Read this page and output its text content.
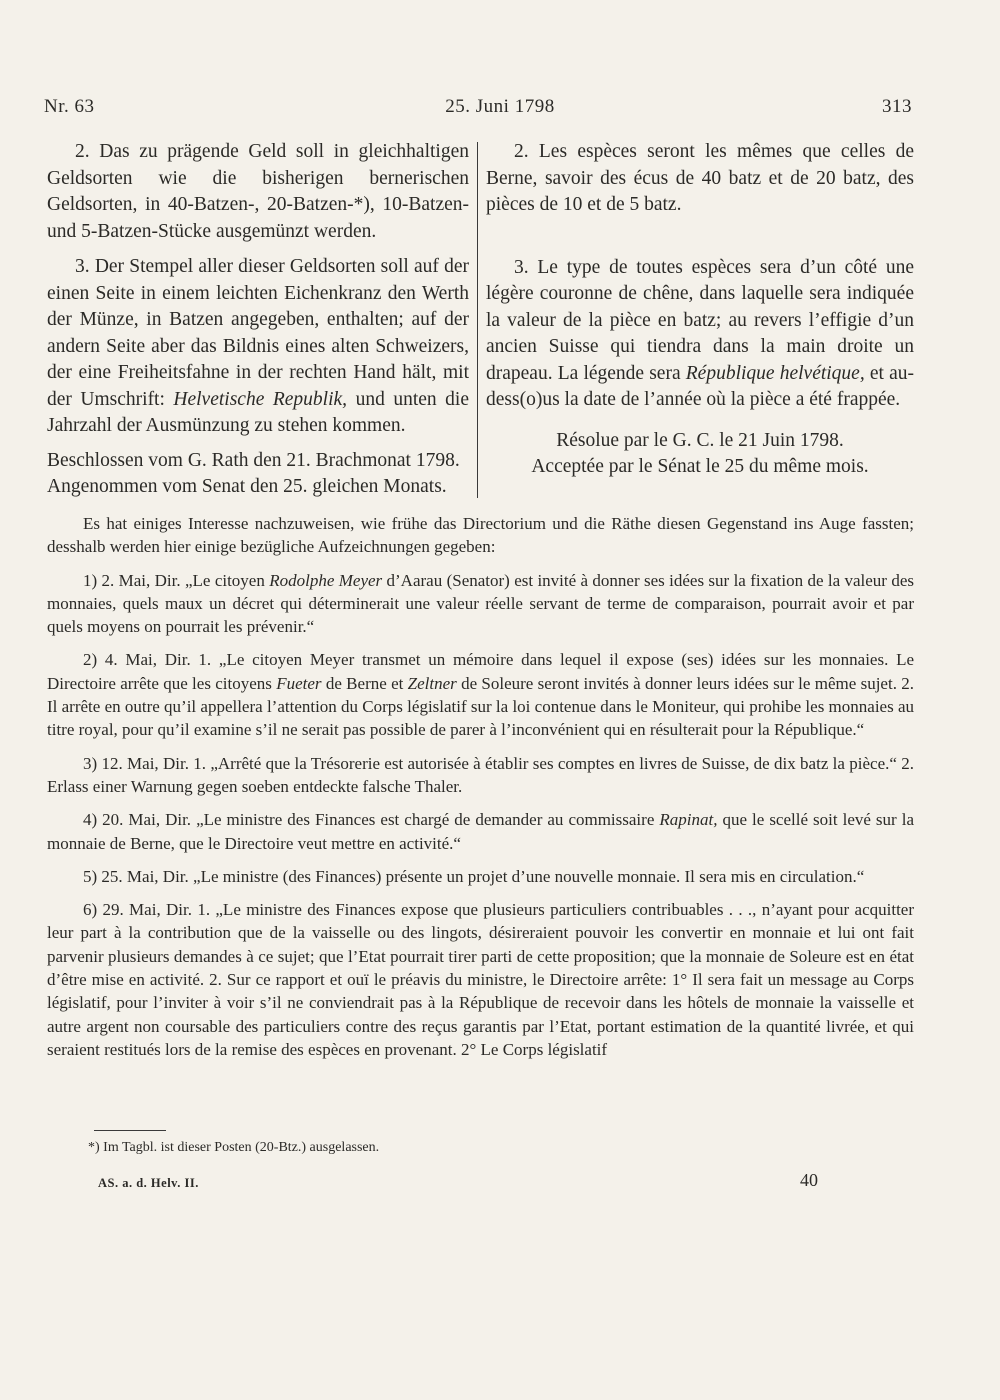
25. Juni 1798
Nr. 63	313

2. Das zu prägende Geld soll in gleichhaltigen Geldsorten wie die bisherigen bernerischen Geldsorten, in 40-Batzen-, 20-Batzen-*), 10-Batzen- und 5-Batzen-Stücke ausgemünzt werden.

3. Der Stempel aller dieser Geldsorten soll auf der einen Seite in einem leichten Eichenkranz den Werth der Münze, in Batzen angegeben, enthalten; auf der andern Seite aber das Bildnis eines alten Schweizers, der eine Freiheitsfahne in der rechten Hand hält, mit der Umschrift: Helvetische Republik, und unten die Jahrzahl der Ausmünzung zu stehen kommen.

Beschlossen vom G. Rath den 21. Brachmonat 1798.

Angenommen vom Senat den 25. gleichen Monats.

2. Les espèces seront les mêmes que celles de Berne, savoir des écus de 40 batz et de 20 batz, des pièces de 10 et de 5 batz.

3. Le type de toutes espèces sera d’un côté une légère couronne de chêne, dans laquelle sera indiquée la valeur de la pièce en batz; au revers l’effigie d’un ancien Suisse qui tiendra dans la main droite un drapeau. La légende sera République helvétique, et au-dess(o)us la date de l’année où la pièce a été frappée.

Résolue par le G. C. le 21 Juin 1798.

Acceptée par le Sénat le 25 du même mois.

Es hat einiges Interesse nachzuweisen, wie frühe das Directorium und die Räthe diesen Gegenstand ins Auge fassten; desshalb werden hier einige bezügliche Aufzeichnungen gegeben:

1) 2. Mai, Dir. „Le citoyen Rodolphe Meyer d’Aarau (Senator) est invité à donner ses idées sur la fixation de la valeur des monnaies, quels maux un décret qui déterminerait une valeur réelle servant de terme de comparaison, pourrait avoir et par quels moyens on pourrait les prévenir.“

2) 4. Mai, Dir. 1. „Le citoyen Meyer transmet un mémoire dans lequel il expose (ses) idées sur les monnaies. Le Directoire arrête que les citoyens Fueter de Berne et Zeltner de Soleure seront invités à donner leurs idées sur le même sujet. 2. Il arrête en outre qu’il appellera l’attention du Corps législatif sur la loi contenue dans le Moniteur, qui prohibe les monnaies au titre royal, pour qu’il examine s’il ne serait pas possible de parer à l’inconvénient qui en résulterait pour la République.“

3) 12. Mai, Dir. 1. „Arrêté que la Trésorerie est autorisée à établir ses comptes en livres de Suisse, de dix batz la pièce.“ 2. Erlass einer Warnung gegen soeben entdeckte falsche Thaler.

4) 20. Mai, Dir. „Le ministre des Finances est chargé de demander au commissaire Rapinat, que le scellé soit levé sur la monnaie de Berne, que le Directoire veut mettre en activité.“

5) 25. Mai, Dir. „Le ministre (des Finances) présente un projet d’une nouvelle monnaie. Il sera mis en circulation.“

6) 29. Mai, Dir. 1. „Le ministre des Finances expose que plusieurs particuliers contribuables . . ., n’ayant pour acquitter leur part à la contribution que de la vaisselle ou des lingots, désireraient pouvoir les convertir en monnaie et lui ont fait parvenir plusieurs demandes à ce sujet; que l’Etat pourrait tirer parti de cette proposition; que la monnaie de Soleure est en état d’être mise en activité. 2. Sur ce rapport et ouï le préavis du ministre, le Directoire arrête: 1° Il sera fait un message au Corps législatif, pour l’inviter à voir s’il ne conviendrait pas à la République de recevoir dans les hôtels de monnaie la vaisselle et autre argent non coursable des particuliers contre des reçus garantis par l’Etat, portant estimation de la quantité livrée, et qui seraient restitués lors de la remise des espèces en provenant. 2° Le Corps législatif

*) Im Tagbl. ist dieser Posten (20-Btz.) ausgelassen.
AS. a. d. Helv. II.	40
